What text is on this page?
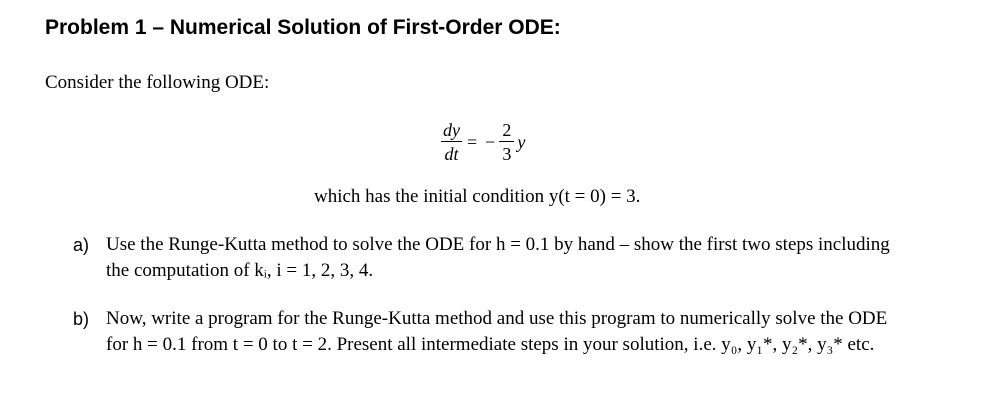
Problem 1 – Numerical Solution of First-Order ODE:
Consider the following ODE:
$\frac{dy}{dt}$ = − $\frac{2}{3}$ y
which has the initial condition y(t = 0) = 3.
a) Use the Runge-Kutta method to solve the ODE for h = 0.1 by hand – show the first two steps including
the computation of kᵢ, i = 1, 2, 3, 4.
b) Now, write a program for the Runge-Kutta method and use this program to numerically solve the ODE
for h = 0.1 from t = 0 to t = 2. Present all intermediate steps in your solution, i.e. y₀, y₁*, y₂*, y₃* etc.
